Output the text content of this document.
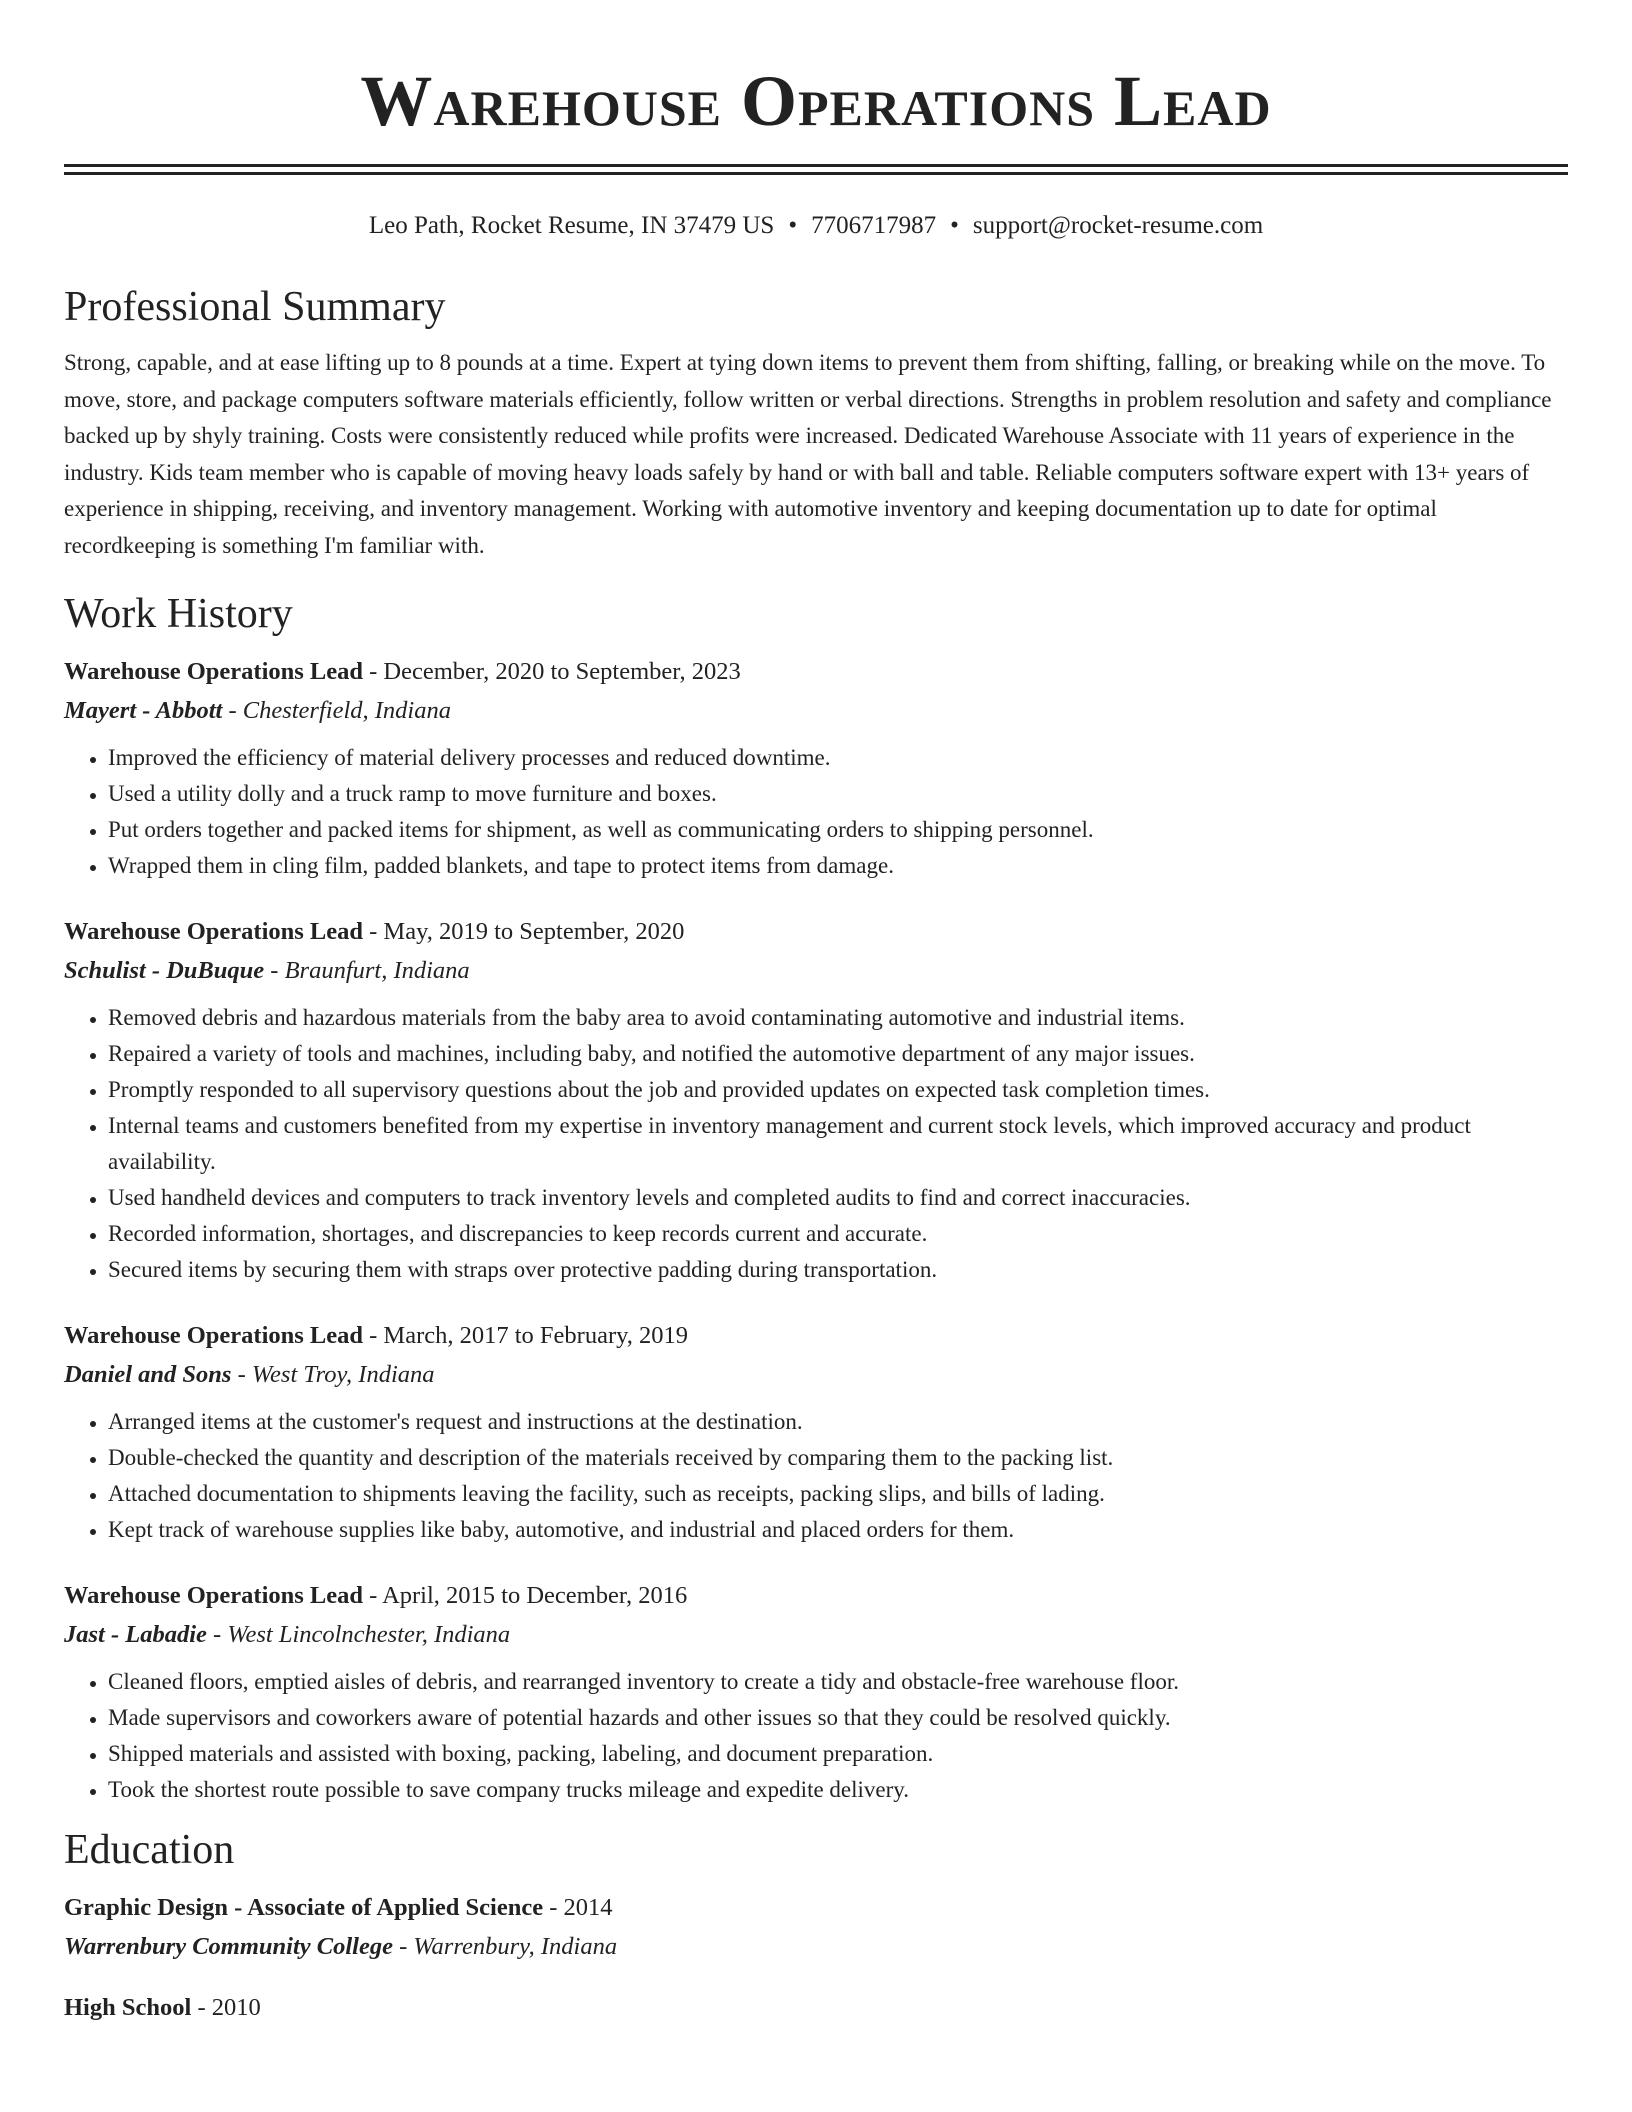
Warehouse Operations Lead
Leo Path, Rocket Resume, IN 37479 US • 7706717987 • support@rocket-resume.com
Professional Summary

Strong, capable, and at ease lifting up to 8 pounds at a time. Expert at tying down items to prevent them from shifting, falling, or breaking while on the move. To move, store, and package computers software materials efficiently, follow written or verbal directions. Strengths in problem resolution and safety and compliance backed up by shyly training. Costs were consistently reduced while profits were increased. Dedicated Warehouse Associate with 11 years of experience in the industry. Kids team member who is capable of moving heavy loads safely by hand or with ball and table. Reliable computers software expert with 13+ years of experience in shipping, receiving, and inventory management. Working with automotive inventory and keeping documentation up to date for optimal recordkeeping is something I'm familiar with.

Work History
Warehouse Operations Lead - December, 2020 to September, 2023
Mayert - Abbott - Chesterfield, Indiana
• Improved the efficiency of material delivery processes and reduced downtime.
• Used a utility dolly and a truck ramp to move furniture and boxes.
• Put orders together and packed items for shipment, as well as communicating orders to shipping personnel.
• Wrapped them in cling film, padded blankets, and tape to protect items from damage.
Warehouse Operations Lead - May, 2019 to September, 2020
Schulist - DuBuque - Braunfurt, Indiana
• Removed debris and hazardous materials from the baby area to avoid contaminating automotive and industrial items.
• Repaired a variety of tools and machines, including baby, and notified the automotive department of any major issues.
• Promptly responded to all supervisory questions about the job and provided updates on expected task completion times.
• Internal teams and customers benefited from my expertise in inventory management and current stock levels, which improved accuracy and product availability.
• Used handheld devices and computers to track inventory levels and completed audits to find and correct inaccuracies.
• Recorded information, shortages, and discrepancies to keep records current and accurate.
• Secured items by securing them with straps over protective padding during transportation.
Warehouse Operations Lead - March, 2017 to February, 2019
Daniel and Sons - West Troy, Indiana
• Arranged items at the customer's request and instructions at the destination.
• Double-checked the quantity and description of the materials received by comparing them to the packing list.
• Attached documentation to shipments leaving the facility, such as receipts, packing slips, and bills of lading.
• Kept track of warehouse supplies like baby, automotive, and industrial and placed orders for them.
Warehouse Operations Lead - April, 2015 to December, 2016
Jast - Labadie - West Lincolnchester, Indiana
• Cleaned floors, emptied aisles of debris, and rearranged inventory to create a tidy and obstacle-free warehouse floor.
• Made supervisors and coworkers aware of potential hazards and other issues so that they could be resolved quickly.
• Shipped materials and assisted with boxing, packing, labeling, and document preparation.
• Took the shortest route possible to save company trucks mileage and expedite delivery.
Education
Graphic Design - Associate of Applied Science - 2014
Warrenbury Community College - Warrenbury, Indiana
High School - 2010
